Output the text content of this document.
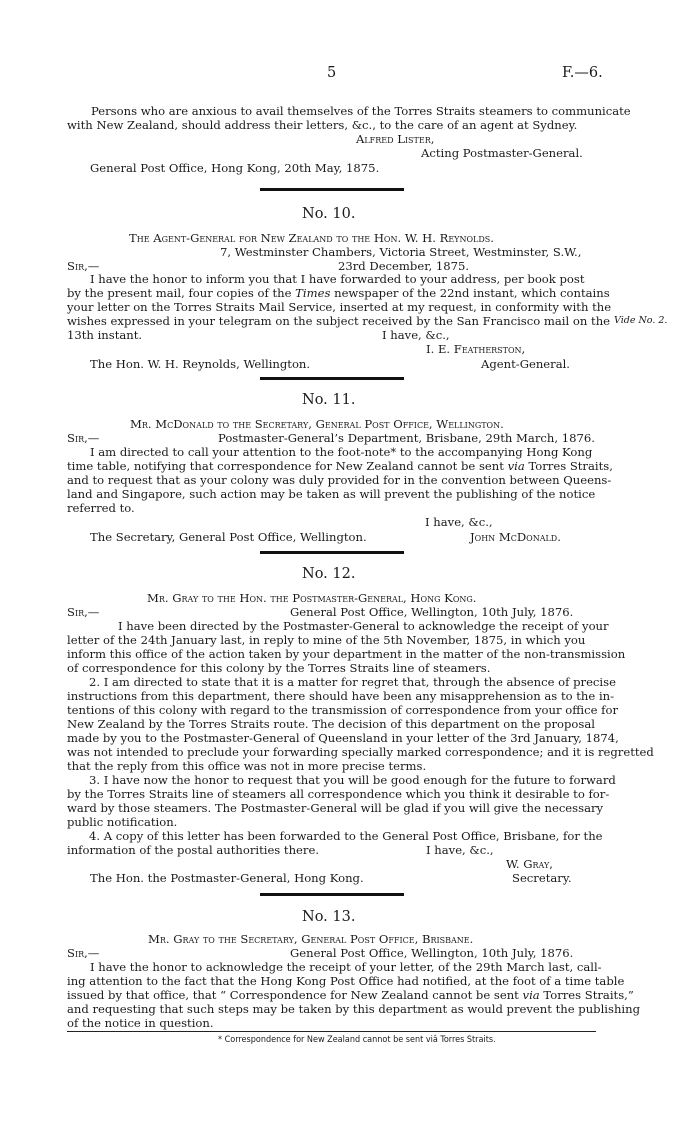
5	F.—6.
Persons who are anxious to avail themselves of the Torres Straits steamers to communicate
with New Zealand, should address their letters, &c., to the care of an agent at Sydney.
Alfred Lister,
Acting Postmaster-General.
General Post Office, Hong Kong, 20th May, 1875.
No. 10.
The Agent-General for New Zealand to the Hon. W. H. Reynolds.
7, Westminster Chambers, Victoria Street, Westminster, S.W.,
Sir,—	23rd December, 1875.
I have the honor to inform you that I have forwarded to your address, per book post
by the present mail, four copies of the Times newspaper of the 22nd instant, which contains
your letter on the Torres Straits Mail Service, inserted at my request, in conformity with the
wishes expressed in your telegram on the subject received by the San Francisco mail on the Vide No. 2.
13th instant.	I have, &c.,
I. E. Featherston,
The Hon. W. H. Reynolds, Wellington.	Agent-General.
No. 11.
Mr. McDonald to the Secretary, General Post Office, Wellington.
Sir,—	Postmaster-General’s Department, Brisbane, 29th March, 1876.
I am directed to call your attention to the foot-note* to the accompanying Hong Kong
time table, notifying that correspondence for New Zealand cannot be sent via Torres Straits,
and to request that as your colony was duly provided for in the convention between Queens-
land and Singapore, such action may be taken as will prevent the publishing of the notice
referred to.
I have, &c.,
The Secretary, General Post Office, Wellington.	John McDonald.
No. 12.
Mr. Gray to the Hon. the Postmaster-General, Hong Kong.
Sir,—	General Post Office, Wellington, 10th July, 1876.
I have been directed by the Postmaster-General to acknowledge the receipt of your
letter of the 24th January last, in reply to mine of the 5th November, 1875, in which you
inform this office of the action taken by your department in the matter of the non-transmission
of correspondence for this colony by the Torres Straits line of steamers.
2. I am directed to state that it is a matter for regret that, through the absence of precise
instructions from this department, there should have been any misapprehension as to the in-
tentions of this colony with regard to the transmission of correspondence from your office for
New Zealand by the Torres Straits route. The decision of this department on the proposal
made by you to the Postmaster-General of Queensland in your letter of the 3rd January, 1874,
was not intended to preclude your forwarding specially marked correspondence; and it is regretted
that the reply from this office was not in more precise terms.
3. I have now the honor to request that you will be good enough for the future to forward
by the Torres Straits line of steamers all correspondence which you think it desirable to for-
ward by those steamers. The Postmaster-General will be glad if you will give the necessary
public notification.
4. A copy of this letter has been forwarded to the General Post Office, Brisbane, for the
information of the postal authorities there.	I have, &c.,
W. Gray,
The Hon. the Postmaster-General, Hong Kong.	Secretary.
No. 13.
Mr. Gray to the Secretary, General Post Office, Brisbane.
Sir,—	General Post Office, Wellington, 10th July, 1876.
I have the honor to acknowledge the receipt of your letter, of the 29th March last, call-
ing attention to the fact that the Hong Kong Post Office had notified, at the foot of a time table
issued by that office, that “ Correspondence for New Zealand cannot be sent via Torres Straits,”
and requesting that such steps may be taken by this department as would prevent the publishing
of the notice in question.
* Correspondence for New Zealand cannot be sent viâ Torres Straits.
